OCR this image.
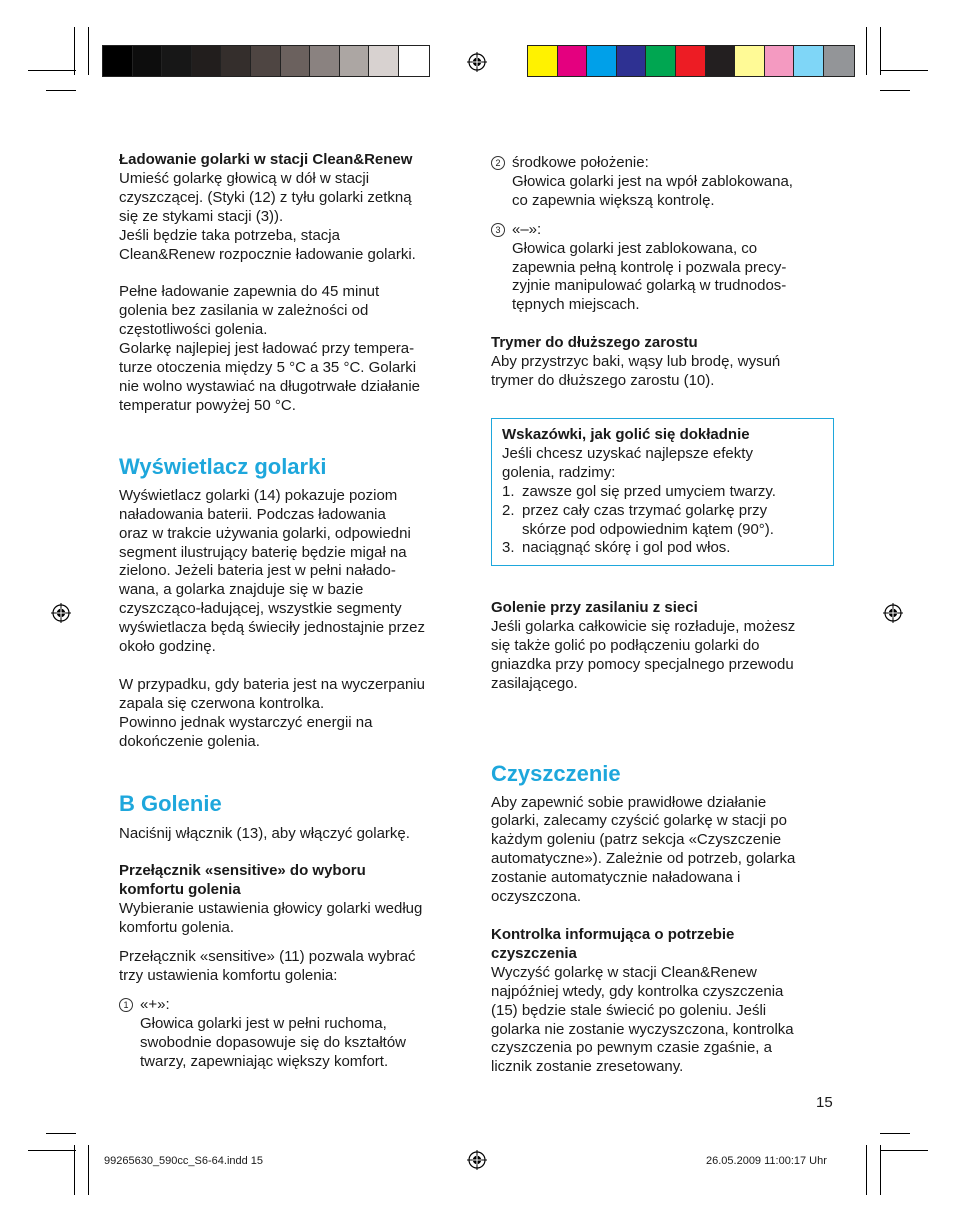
Ładowanie golarki w stacji Clean&Renew

Umieść golarkę głowicą w dół w stacji
czyszczącej. (Styki (12) z tyłu golarki zetkną
się ze stykami stacji (3)).
Jeśli będzie taka potrzeba, stacja
Clean&Renew rozpocznie ładowanie golarki.
Pełne ładowanie zapewnia do 45 minut
golenia bez zasilania w zależności od
częstotliwości golenia.
Golarkę najlepiej jest ładować przy tempera-
turze otoczenia między 5 °C a 35 °C. Golarki
nie wolno wystawiać na długotrwałe działanie
temperatur powyżej 50 °C.
Wyświetlacz golarki
Wyświetlacz golarki (14) pokazuje poziom
naładowania baterii. Podczas ładowania
oraz w trakcie używania golarki, odpowiedni
segment ilustrujący baterię będzie migał na
zielono. Jeżeli bateria jest w pełni nałado-
wana, a golarka znajduje się w bazie
czyszcząco-ładującej, wszystkie segmenty
wyświetlacza będą świeciły jednostajnie przez
około godzinę.
W przypadku, gdy bateria jest na wyczerpaniu
zapala się czerwona kontrolka.
Powinno jednak wystarczyć energii na
dokończenie golenia.
B Golenie

Naciśnij włącznik (13), aby włączyć golarkę.

Przełącznik «sensitive» do wyboru
komfortu golenia
Wybieranie ustawienia głowicy golarki według
komfortu golenia.
Przełącznik «sensitive» (11) pozwala wybrać
trzy ustawienia komfortu golenia:
1 «+»:
Głowica golarki jest w pełni ruchoma,
swobodnie dopasowuje się do kształtów
twarzy, zapewniając większy komfort.
2 środkowe położenie:
Głowica golarki jest na wpół zablokowana,
co zapewnia większą kontrolę.
3 «–»:
Głowica golarki jest zablokowana, co
zapewnia pełną kontrolę i pozwala precy-
zyjnie manipulować golarką w trudnodos-
tępnych miejscach.

Trymer do dłuższego zarostu

Aby przystrzyc baki, wąsy lub brodę, wysuń
trymer do dłuższego zarostu (10).

Wskazówki, jak golić się dokładnie

Jeśli chcesz uzyskać najlepsze efekty
golenia, radzimy:
1. zawsze gol się przed umyciem twarzy.
2. przez cały czas trzymać golarkę przy
skórze pod odpowiednim kątem (90°).
3. naciągnąć skórę i gol pod włos.

Golenie przy zasilaniu z sieci

Jeśli golarka całkowicie się rozładuje, możesz
się także golić po podłączeniu golarki do
gniazdka przy pomocy specjalnego przewodu
zasilającego.
Czyszczenie
Aby zapewnić sobie prawidłowe działanie
golarki, zalecamy czyścić golarkę w stacji po
każdym goleniu (patrz sekcja «Czyszczenie
automatyczne»). Zależnie od potrzeb, golarka
zostanie automatycznie naładowana i
oczyszczona.
Kontrolka informująca o potrzebie
czyszczenia
Wyczyść golarkę w stacji Clean&Renew
najpóźniej wtedy, gdy kontrolka czyszczenia
(15) będzie stale świecić po goleniu. Jeśli
golarka nie zostanie wyczyszczona, kontrolka
czyszczenia po pewnym czasie zgaśnie, a
licznik zostanie zresetowany.
15
99265630_590cc_S6-64.indd 15	26.05.2009 11:00:17 Uhr
